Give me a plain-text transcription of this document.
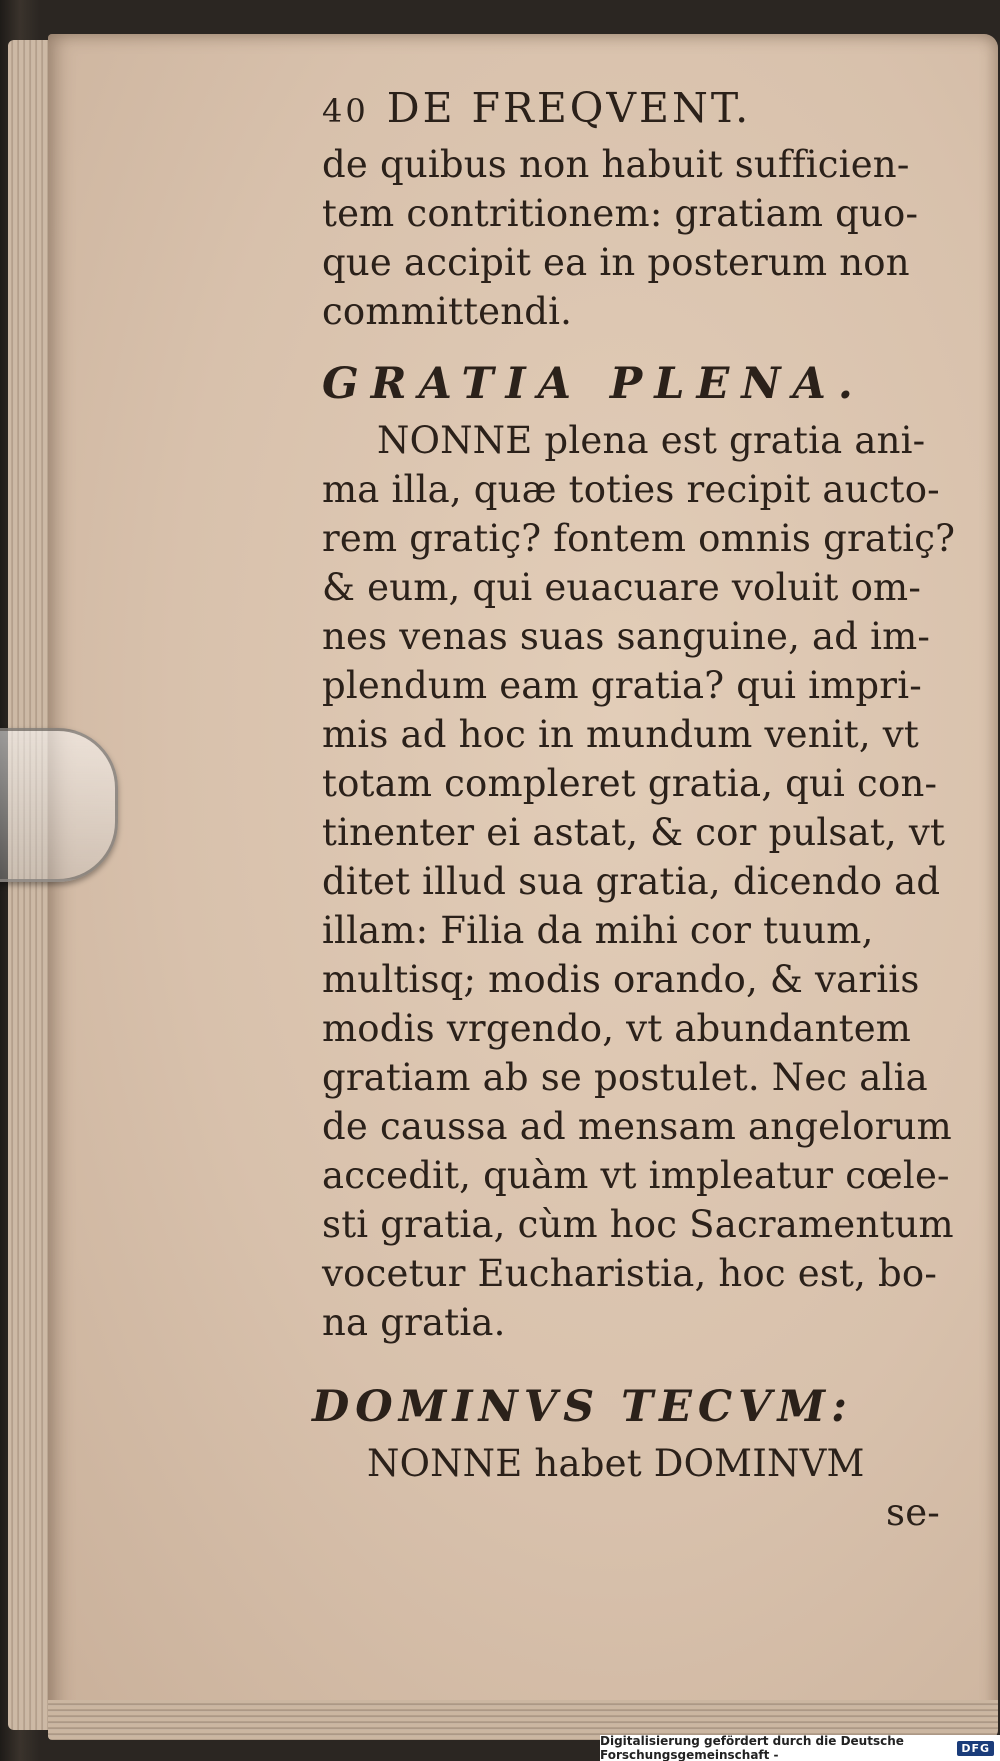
40 DE FREQVENT.
de quibus non habuit sufficien-
tem contritionem: gratiam quo-
que accipit ea in posterum non
committendi.
GRATIA PLENA.
NONNE plena est gratia ani-
ma illa, quæ toties recipit aucto-
rem gratiç? fontem omnis gratiç?
& eum, qui euacuare voluit om-
nes venas suas sanguine, ad im-
plendum eam gratia? qui impri-
mis ad hoc in mundum venit, vt
totam compleret gratia, qui con-
tinenter ei astat, & cor pulsat, vt
ditet illud sua gratia, dicendo ad
illam: Filia da mihi cor tuum,
multisq; modis orando, & variis
modis vrgendo, vt abundantem
gratiam ab se postulet. Nec alia
de caussa ad mensam angelorum
accedit, quàm vt impleatur cœle-
sti gratia, cùm hoc Sacramentum
vocetur Eucharistia, hoc est, bo-
na gratia.
DOMINVS TECVM:
NONNE habet DOMINVM
se-
Digitalisierung gefördert durch die Deutsche Forschungsgemeinschaft -	DFG
